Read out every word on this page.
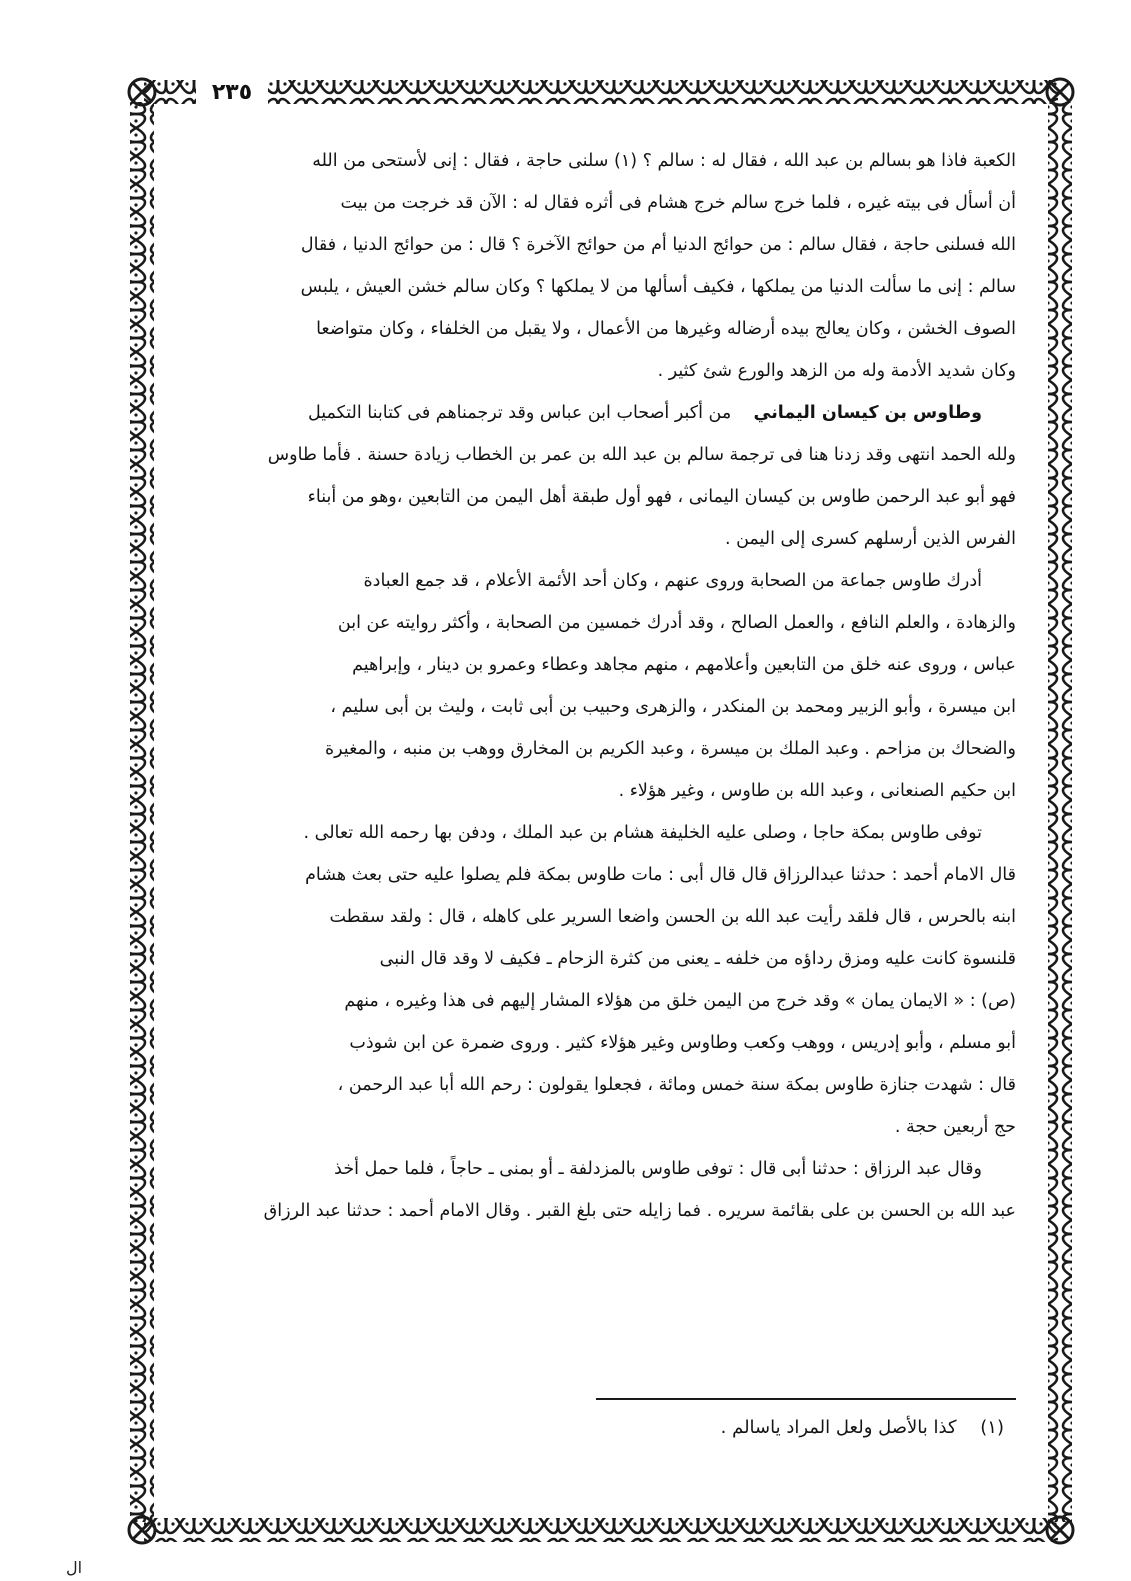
٢٣٥

الكعبة فاذا هو بسالم بن عبد الله ، فقال له : سالم ؟ (١) سلنى حاجة ، فقال : إنى لأستحى من الله

أن أسأل فى بيته غيره ، فلما خرج سالم خرج هشام فى أثره فقال له : الآن قد خرجت من بيت

الله فسلنى حاجة ، فقال سالم : من حوائج الدنيا أم من حوائج الآخرة ؟ قال : من حوائج الدنيا ، فقال

سالم : إنى ما سألت الدنيا من يملكها ، فكيف أسألها من لا يملكها ؟ وكان سالم خشن العيش ، يلبس

الصوف الخشن ، وكان يعالج بيده أرضاله وغيرها من الأعمال ، ولا يقبل من الخلفاء ، وكان متواضعا

وكان شديد الأدمة وله من الزهد والورع شئ كثير .

وطاوس بن كيسان اليماني    من أكبر أصحاب ابن عباس وقد ترجمناهم فى كتابنا التكميل

ولله الحمد انتهى وقد زدنا هنا فى ترجمة سالم بن عبد الله بن عمر بن الخطاب زيادة حسنة . فأما طاوس

فهو أبو عبد الرحمن طاوس بن كيسان اليمانى ، فهو أول طبقة أهل اليمن من التابعين ،وهو من أبناء

الفرس الذين أرسلهم كسرى إلى اليمن .

أدرك طاوس جماعة من الصحابة وروى عنهم ، وكان أحد الأئمة الأعلام ، قد جمع العبادة

والزهادة ، والعلم النافع ، والعمل الصالح ، وقد أدرك خمسين من الصحابة ، وأكثر روايته عن ابن

عباس ، وروى عنه خلق من التابعين وأعلامهم ، منهم مجاهد وعطاء وعمرو بن دينار ، وإبراهيم

ابن ميسرة ، وأبو الزبير ومحمد بن المنكدر ، والزهرى وحبيب بن أبى ثابت ، وليث بن أبى سليم ،

والضحاك بن مزاحم . وعبد الملك بن ميسرة ، وعبد الكريم بن المخارق ووهب بن منبه ، والمغيرة

ابن حكيم الصنعانى ، وعبد الله بن طاوس ، وغير هؤلاء .

توفى طاوس بمكة حاجا ، وصلى عليه الخليفة هشام بن عبد الملك ، ودفن بها رحمه الله تعالى .

قال الامام أحمد : حدثنا عبدالرزاق قال قال أبى : مات طاوس بمكة فلم يصلوا عليه حتى بعث هشام

ابنه بالحرس ، قال فلقد رأيت عبد الله بن الحسن واضعا السرير على كاهله ، قال : ولقد سقطت

قلنسوة كانت عليه ومزق رداؤه من خلفه ـ يعنى من كثرة الزحام ـ فكيف لا وقد قال النبى

(ص) : « الايمان يمان » وقد خرج من اليمن خلق من هؤلاء المشار إليهم فى هذا وغيره ، منهم

أبو مسلم ، وأبو إدريس ، ووهب وكعب وطاوس وغير هؤلاء كثير . وروى ضمرة عن ابن شوذب

قال : شهدت جنازة طاوس بمكة سنة خمس ومائة ، فجعلوا يقولون : رحم الله أبا عبد الرحمن ،

حج أربعين حجة .

وقال عبد الرزاق : حدثنا أبى قال : توفى طاوس بالمزدلفة ـ أو بمنى ـ حاجاً ، فلما حمل أخذ

عبد الله بن الحسن بن على بقائمة سريره . فما زايله حتى بلغ القبر . وقال الامام أحمد : حدثنا عبد الرزاق

(١) كذا بالأصل ولعل المراد ياسالم .
ال
